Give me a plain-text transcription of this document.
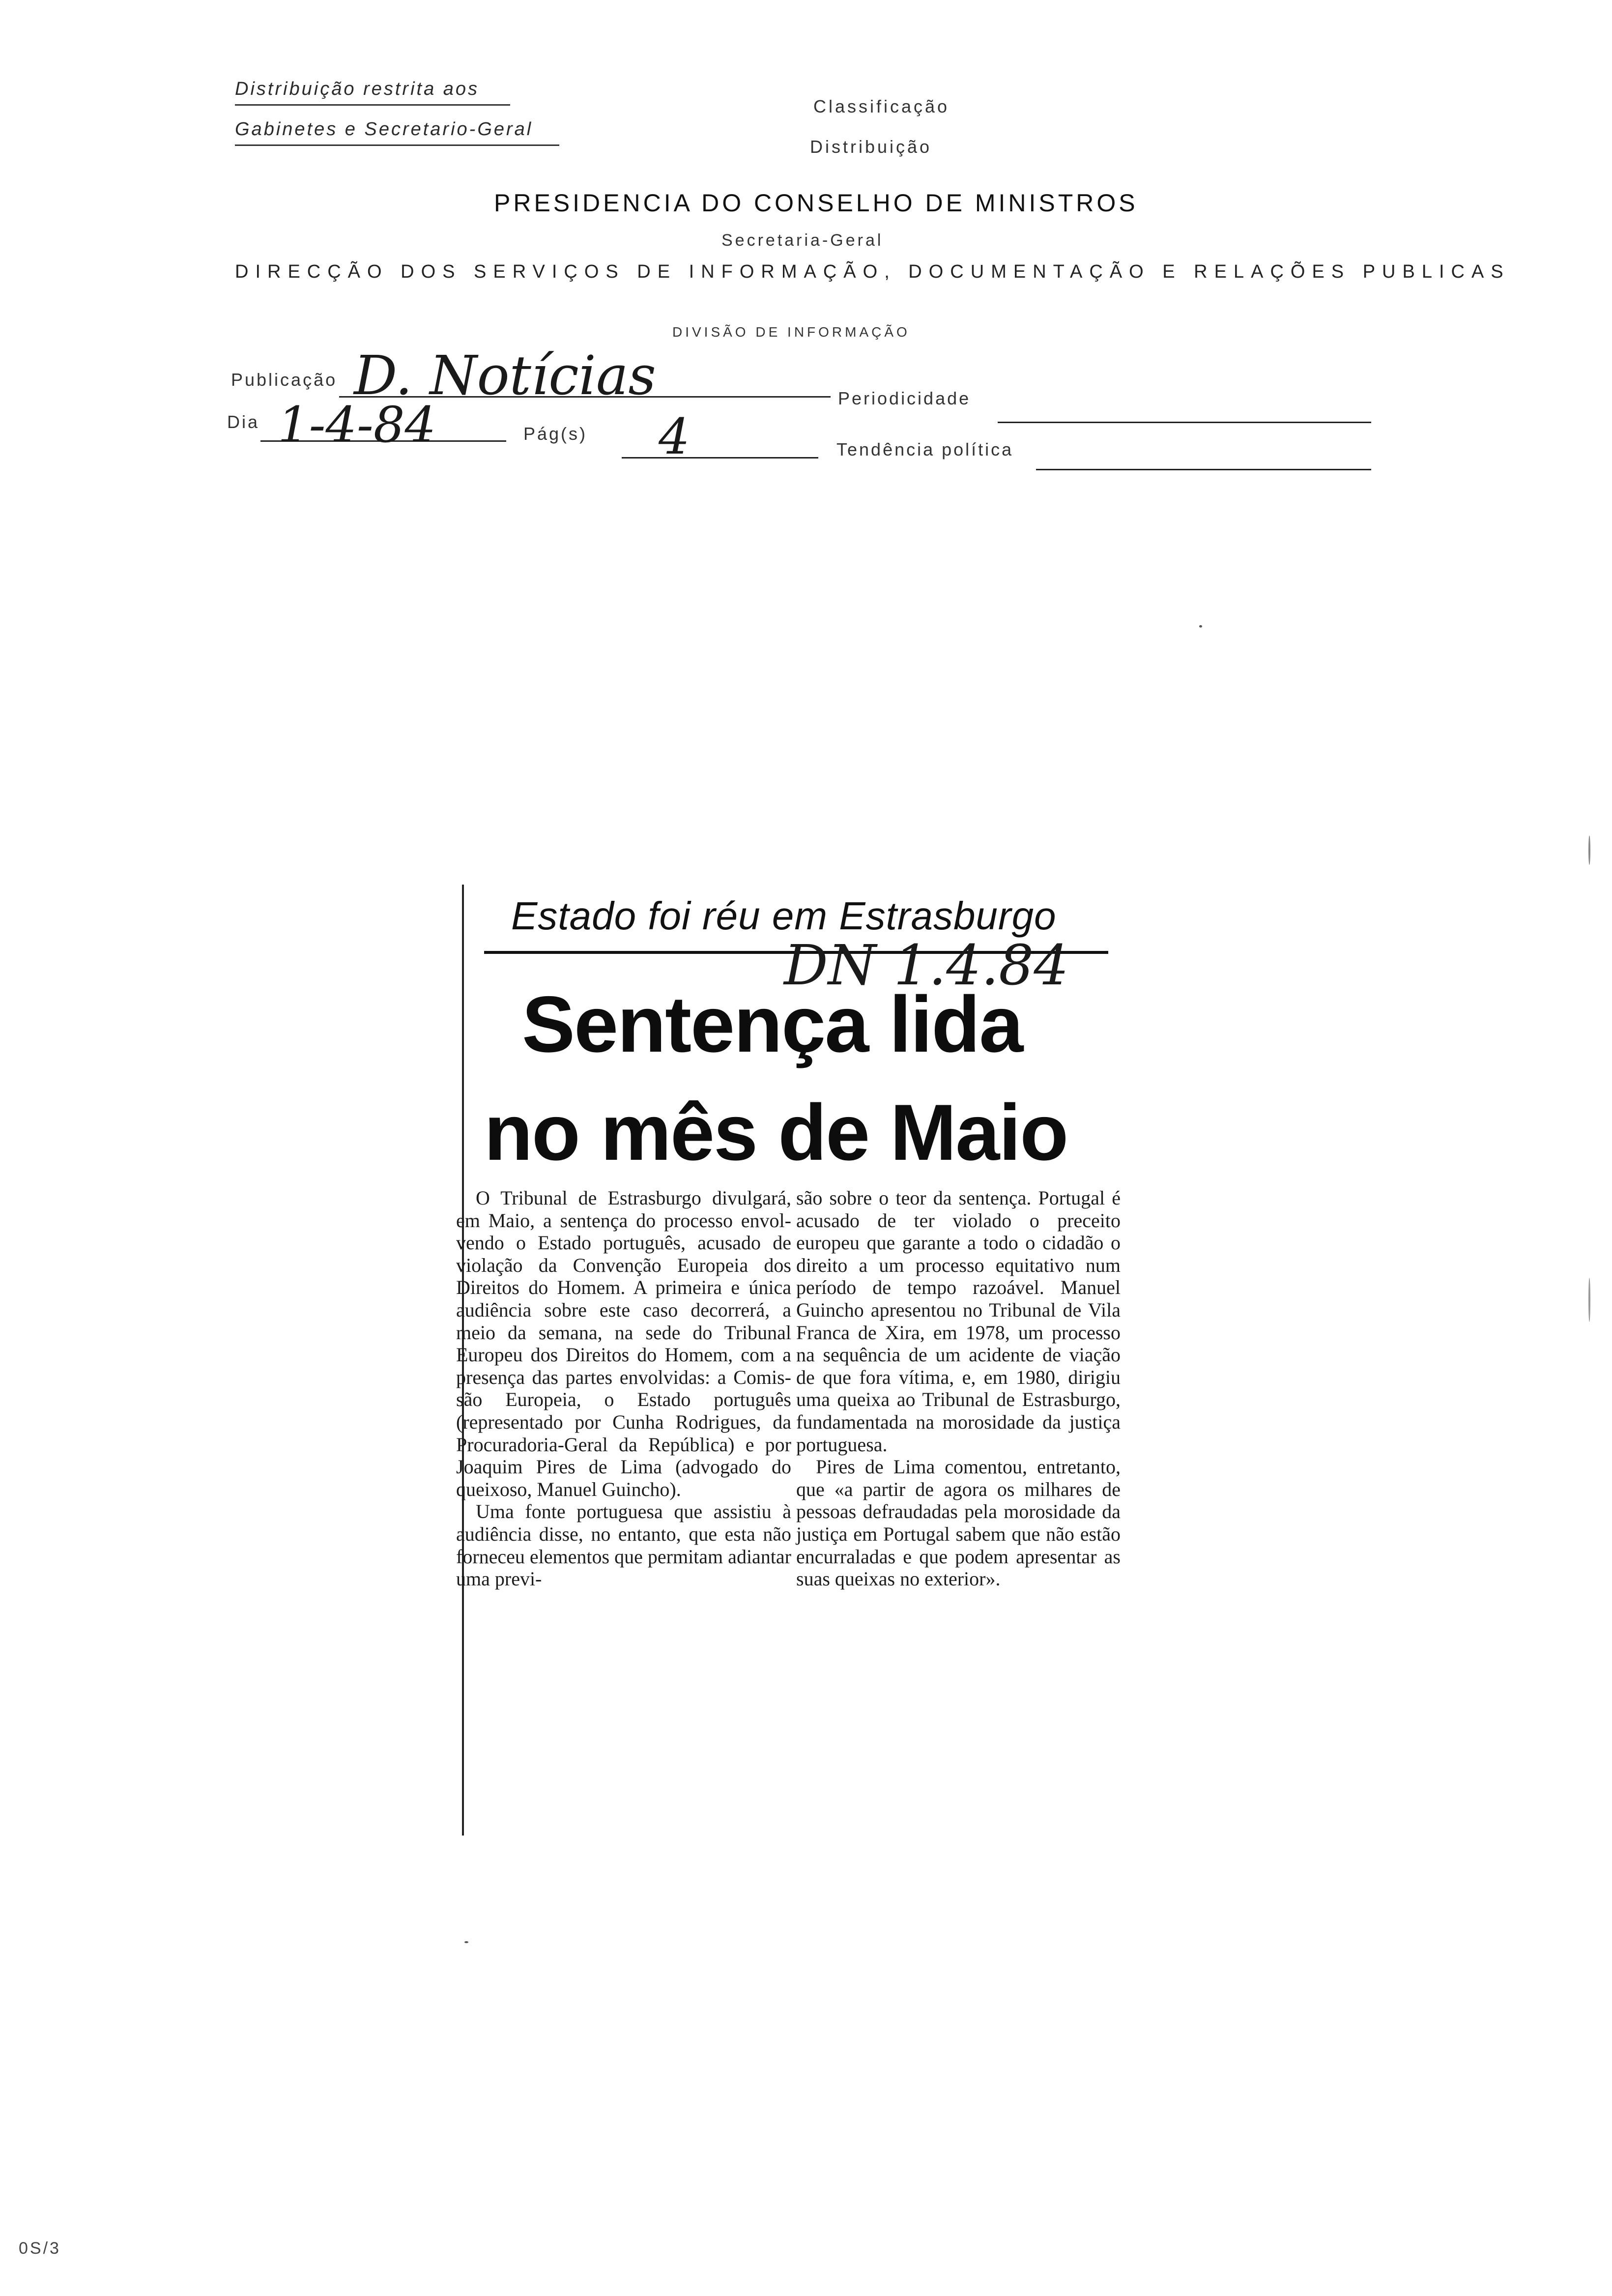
Distribuição restrita aos
Gabinetes e Secretario-Geral
Classificação
Distribuição
PRESIDENCIA DO CONSELHO DE MINISTROS
Secretaria-Geral
DIRECÇÃO DOS SERVIÇOS DE INFORMAÇÃO, DOCUMENTAÇÃO E RELAÇÕES PUBLICAS
DIVISÃO DE INFORMAÇÃO
Publicação D. Notícias	Periodicidade
Dia 1-4-84	Pág(s) 4	Tendência política
Estado foi réu em Estrasburgo
DN 1.4.84
Sentença lida
no mês de Maio

O Tribunal de Estrasburgo divulgará, em Maio, a sentença do processo envolvendo o Estado português, acusado de violação da Convenção Europeia dos Direitos do Homem. A primeira e única audiência sobre este caso decorrerá, a meio da semana, na sede do Tribunal Europeu dos Direitos do Homem, com a presença das partes envolvidas: a Comissão Europeia, o Estado português (representado por Cunha Rodrigues, da Procuradoria-Geral da República) e por Joaquim Pires de Lima (advogado do queixoso, Manuel Guincho).

Uma fonte portuguesa que assistiu à audiência disse, no entanto, que esta não forneceu elementos que permitam adiantar uma previ-

são sobre o teor da sentença. Portugal é acusado de ter violado o preceito europeu que garante a todo o cidadão o direito a um processo equitativo num período de tempo razoável. Manuel Guincho apresentou no Tribunal de Vila Franca de Xira, em 1978, um processo na sequência de um acidente de viação de que fora vítima, e, em 1980, dirigiu uma queixa ao Tribunal de Estrasburgo, fundamentada na morosidade da justiça portuguesa.

Pires de Lima comentou, entretanto, que «a partir de agora os milhares de pessoas defraudadas pela morosidade da justiça em Portugal sabem que não estão encurraladas e que podem apresentar as suas queixas no exterior».

0S/3
